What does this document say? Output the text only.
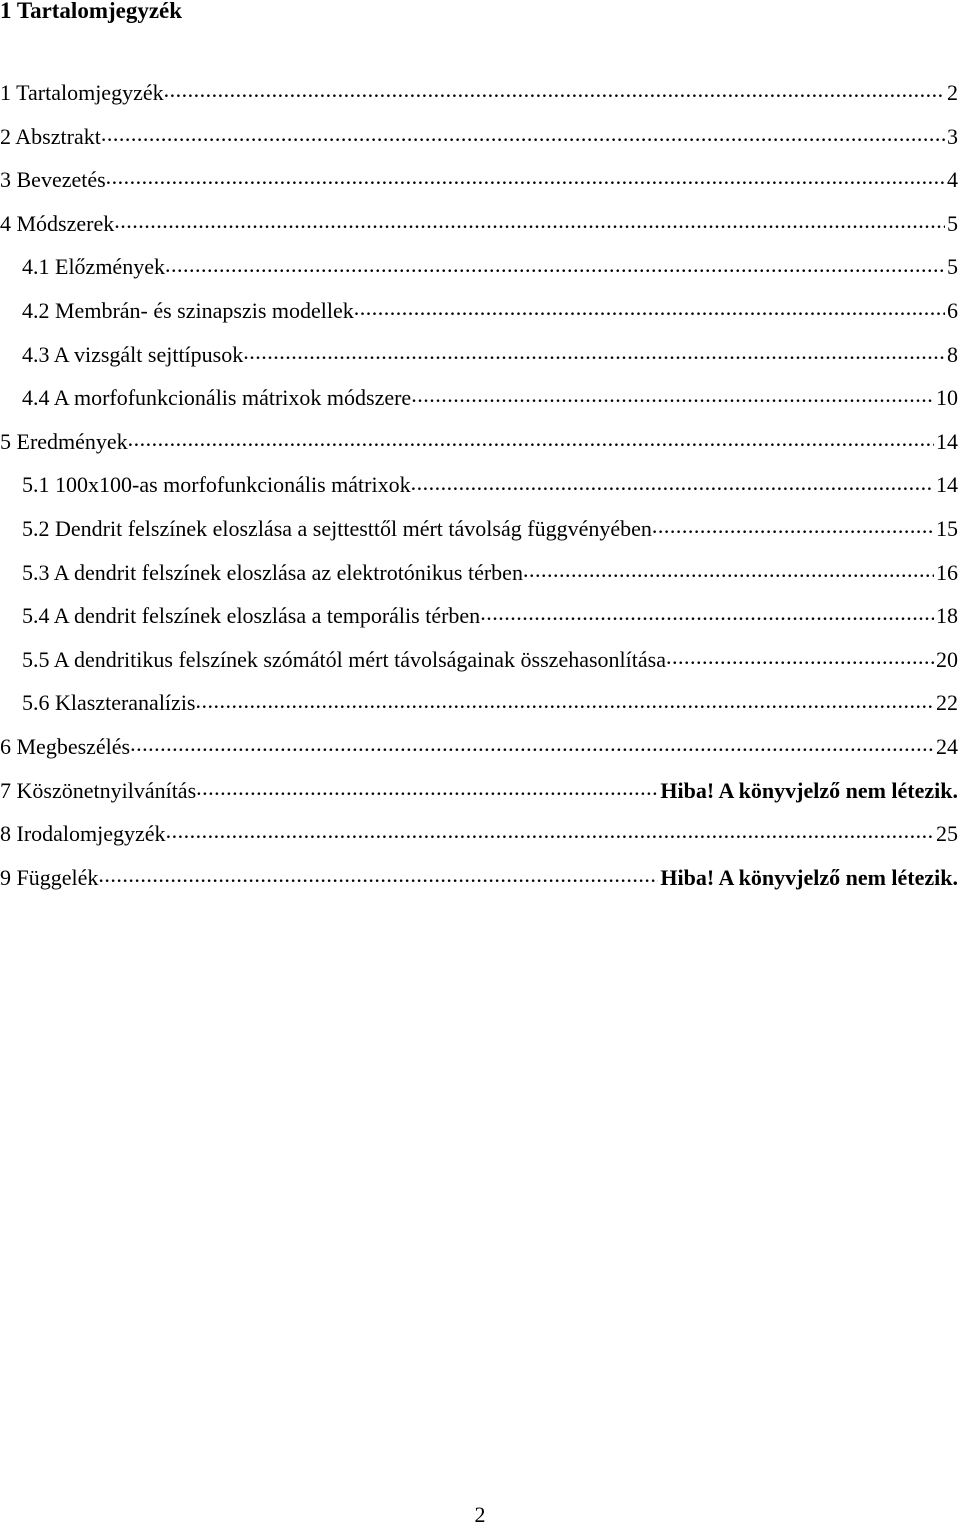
1 Tartalomjegyzék
1 Tartalomjegyzék .....	2
2 Absztrakt .....	3
3 Bevezetés .....	4
4 Módszerek .....	5
4.1 Előzmények .....	5
4.2 Membrán- és szinapszis modellek .....	6
4.3 A vizsgált sejttípusok .....	8
4.4 A morfofunkcionális mátrixok módszere .....	10
5 Eredmények .....	14
5.1 100x100-as morfofunkcionális mátrixok .....	14
5.2 Dendrit felszínek eloszlása a sejttesttől mért távolság függvényében .....	15
5.3 A dendrit felszínek eloszlása az elektrotónikus térben .....	16
5.4 A dendrit felszínek eloszlása a temporális térben .....	18
5.5 A dendritikus felszínek szómától mért távolságainak összehasonlítása .....	20
5.6 Klaszteranalízis .....	22
6 Megbeszélés .....	24
7 Köszönetnyilvánítás .....	Hiba! A könyvjelző nem létezik.
8 Irodalomjegyzék .....	25
9 Függelék .....	Hiba! A könyvjelző nem létezik.
2
